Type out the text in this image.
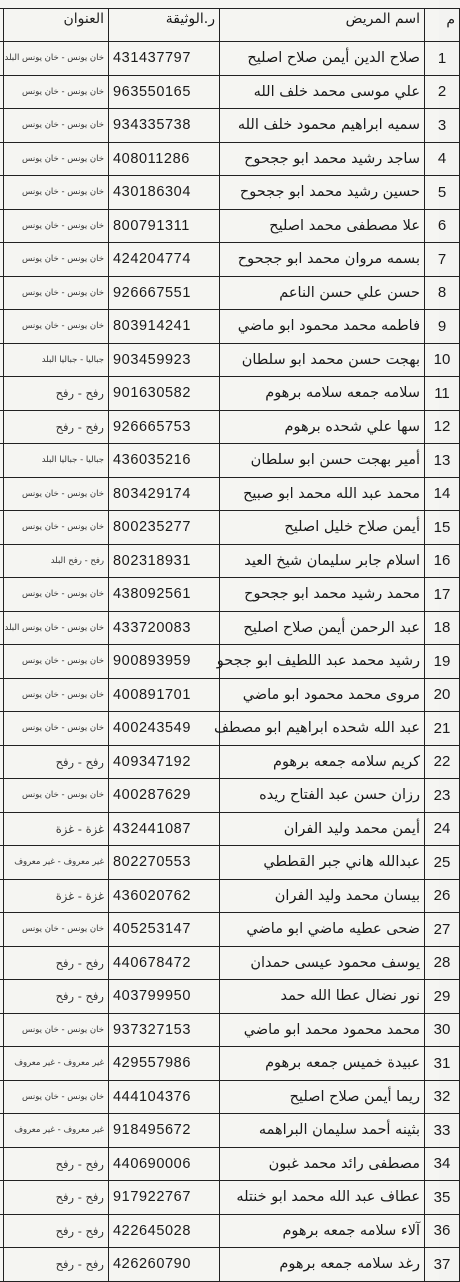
م	اسم المريض	ر.الوثيقة	العنوان	
1	صلاح الدين أيمن صلاح اصليح	431437797	خان يونس - خان يونس البلد	
2	علي موسى محمد خلف الله	963550165	خان يونس - خان يونس	
3	سميه ابراهيم محمود خلف الله	934335738	خان يونس - خان يونس	
4	ساجد رشيد محمد ابو ججحوح	408011286	خان يونس - خان يونس	
5	حسين رشيد محمد ابو ججحوح	430186304	خان يونس - خان يونس	
6	علا مصطفى محمد اصليح	800791311	خان يونس - خان يونس	
7	بسمه مروان محمد ابو ججحوح	424204774	خان يونس - خان يونس	
8	حسن علي حسن الناعم	926667551	خان يونس - خان يونس	
9	فاطمه محمد محمود ابو ماضي	803914241	خان يونس - خان يونس	
10	بهجت حسن محمد ابو سلطان	903459923	جباليا - جباليا البلد	
11	سلامه جمعه سلامه برهوم	901630582	رفح - رفح	
12	سها علي شحده برهوم	926665753	رفح - رفح	
13	أمير بهجت حسن ابو سلطان	436035216	جباليا - جباليا البلد	
14	محمد عبد الله محمد ابو صبيح	803429174	خان يونس - خان يونس	
15	أيمن صلاح خليل اصليح	800235277	خان يونس - خان يونس	
16	اسلام جابر سليمان شيخ العيد	802318931	رفح - رفح البلد	
17	محمد رشيد محمد ابو ججحوح	438092561	خان يونس - خان يونس	
18	عبد الرحمن أيمن صلاح اصليح	433720083	خان يونس - خان يونس البلد	
19	رشيد محمد عبد اللطيف ابو ججحو	900893959	خان يونس - خان يونس	
20	مروى محمد محمود ابو ماضي	400891701	خان يونس - خان يونس	
21	عبد الله شحده ابراهيم ابو مصطف	400243549	خان يونس - خان يونس	
22	كريم سلامه جمعه برهوم	409347192	رفح - رفح	
23	رزان حسن عبد الفتاح ريده	400287629	خان يونس - خان يونس	
24	أيمن محمد وليد الفران	432441087	غزة - غزة	
25	عبدالله هاني جبر القططي	802270553	غير معروف - غير معروف	
26	بيسان محمد وليد الفران	436020762	غزة - غزة	
27	ضحى عطيه ماضي ابو ماضي	405253147	خان يونس - خان يونس	
28	يوسف محمود عيسى حمدان	440678472	رفح - رفح	
29	نور نضال عطا الله حمد	403799950	رفح - رفح	
30	محمد محمود محمد ابو ماضي	937327153	خان يونس - خان يونس	
31	عبيدة خميس جمعه برهوم	429557986	غير معروف - غير معروف	
32	ريما أيمن صلاح اصليح	444104376	خان يونس - خان يونس	
33	بثينه أحمد سليمان البراهمه	918495672	غير معروف - غير معروف	
34	مصطفى رائد محمد غبون	440690006	رفح - رفح	
35	عطاف عبد الله محمد ابو خنتله	917922767	رفح - رفح	
36	آلاء سلامه جمعه برهوم	422645028	رفح - رفح	
37	رغد سلامه جمعه برهوم	426260790	رفح - رفح	
